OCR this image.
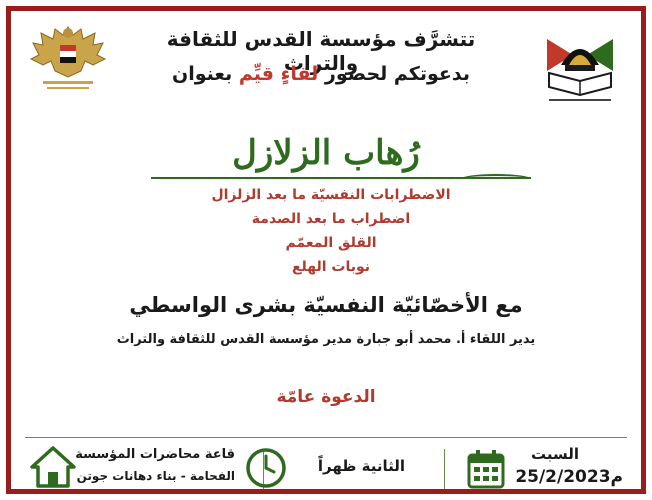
تتشرَّف مؤسسة القدس للثقافة والتراث
بدعوتكم لحضور لقاءٍ قيِّم بعنوان
رُهاب الزلازل
الاضطرابات النفسيّة ما بعد الزلزال
اضطراب ما بعد الصدمة
القلق المعمّم
نوبات الهلع
مع الأخصّائيّة النفسيّة بشرى الواسطي
يدير اللقاء أ. محمد أبو جبارة مدير مؤسسة القدس للثقافة والتراث
الدعوة عامّة
السبت
25/2/2023م
الثانية ظهراً
قاعة محاضرات المؤسسة
الفحامة - بناء دهانات جوتن
